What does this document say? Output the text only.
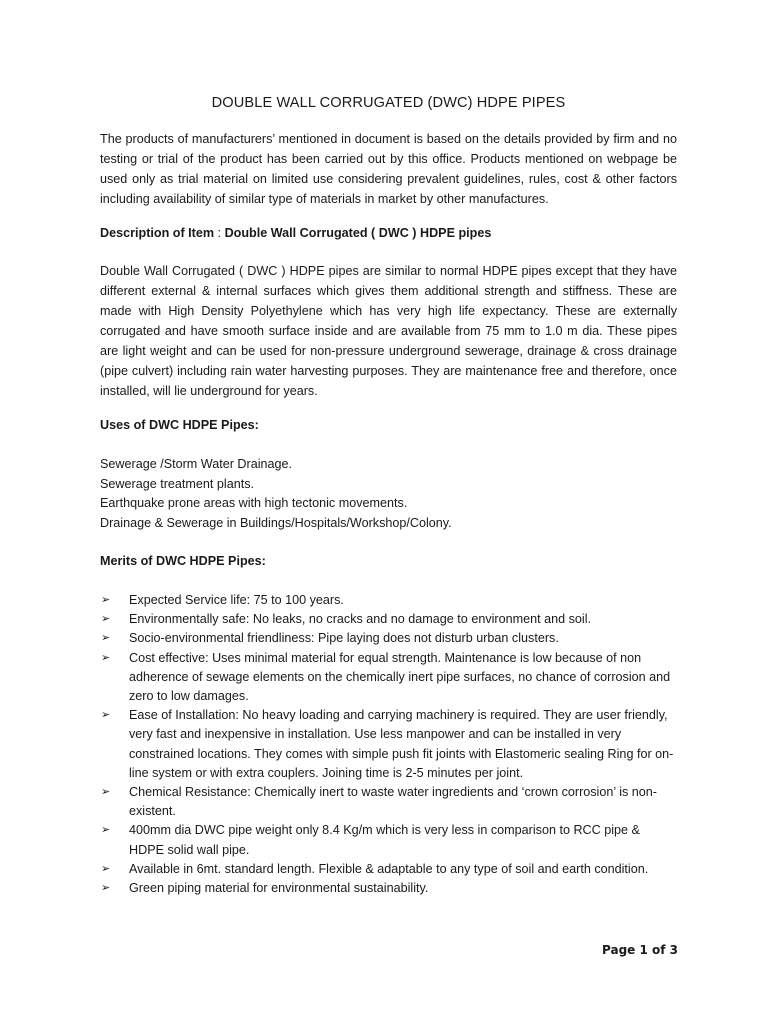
DOUBLE WALL CORRUGATED (DWC) HDPE PIPES

The products of manufacturers’ mentioned in document is based on the details provided by firm and no testing or trial of the product has been carried out by this office. Products mentioned on webpage be used only as trial material on limited use considering prevalent guidelines, rules, cost & other factors including availability of similar type of materials in market by other manufactures.

Description of Item : Double Wall Corrugated ( DWC ) HDPE pipes

Double Wall Corrugated ( DWC ) HDPE pipes are similar to normal HDPE pipes except that they have different external & internal surfaces which gives them additional strength and stiffness. These are made with High Density Polyethylene which has very high life expectancy. These are externally corrugated and have smooth surface inside and are available from 75 mm to 1.0 m dia. These pipes are light weight and can be used for non-pressure underground sewerage, drainage & cross drainage (pipe culvert) including rain water harvesting purposes. They are maintenance free and therefore, once installed, will lie underground for years.

Uses of DWC HDPE Pipes:

Sewerage /Storm Water Drainage.
Sewerage treatment plants.
Earthquake prone areas with high tectonic movements.
Drainage & Sewerage in Buildings/Hospitals/Workshop/Colony.

Merits of DWC HDPE Pipes:

➢ Expected Service life: 75 to 100 years.
➢ Environmentally safe: No leaks, no cracks and no damage to environment and soil.
➢ Socio-environmental friendliness: Pipe laying does not disturb urban clusters.
➢ Cost effective: Uses minimal material for equal strength. Maintenance is low because of non adherence of sewage elements on the chemically inert pipe surfaces, no chance of corrosion and zero to low damages.
➢ Ease of Installation: No heavy loading and carrying machinery is required. They are user friendly, very fast and inexpensive in installation. Use less manpower and can be installed in very constrained locations. They comes with simple push fit joints with Elastomeric sealing Ring for on-line system or with extra couplers. Joining time is 2-5 minutes per joint.
➢ Chemical Resistance: Chemically inert to waste water ingredients and ‘crown corrosion’ is non-existent.
➢ 400mm dia DWC pipe weight only 8.4 Kg/m which is very less in comparison to RCC pipe & HDPE solid wall pipe.
➢ Available in 6mt. standard length. Flexible & adaptable to any type of soil and earth condition.
➢ Green piping material for environmental sustainability.
Page 1 of 3
